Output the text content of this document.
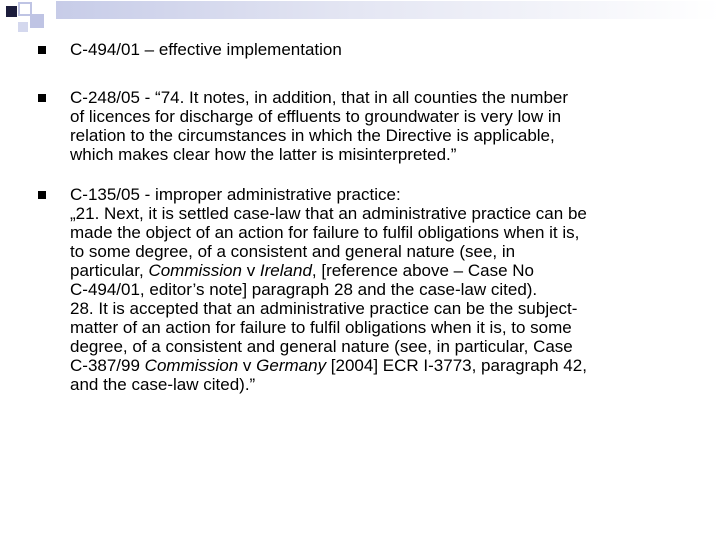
C‑494/01 – effective implementation
C‑248/05 - “74. It notes, in addition, that in all counties the number
of licences for discharge of effluents to groundwater is very low in
relation to the circumstances in which the Directive is applicable,
which makes clear how the latter is misinterpreted.”
C‑135/05 - improper administrative practice:
„21. Next, it is settled case-law that an administrative practice can be
made the object of an action for failure to fulfil obligations when it is,
to some degree, of a consistent and general nature (see, in
particular, Commission v Ireland, [reference above – Case No
C‑494/01, editor’s note] paragraph 28 and the case-law cited).
28. It is accepted that an administrative practice can be the subject-
matter of an action for failure to fulfil obligations when it is, to some
degree, of a consistent and general nature (see, in particular, Case
C-387/99 Commission v Germany [2004] ECR I-3773, paragraph 42,
and the case-law cited).”
